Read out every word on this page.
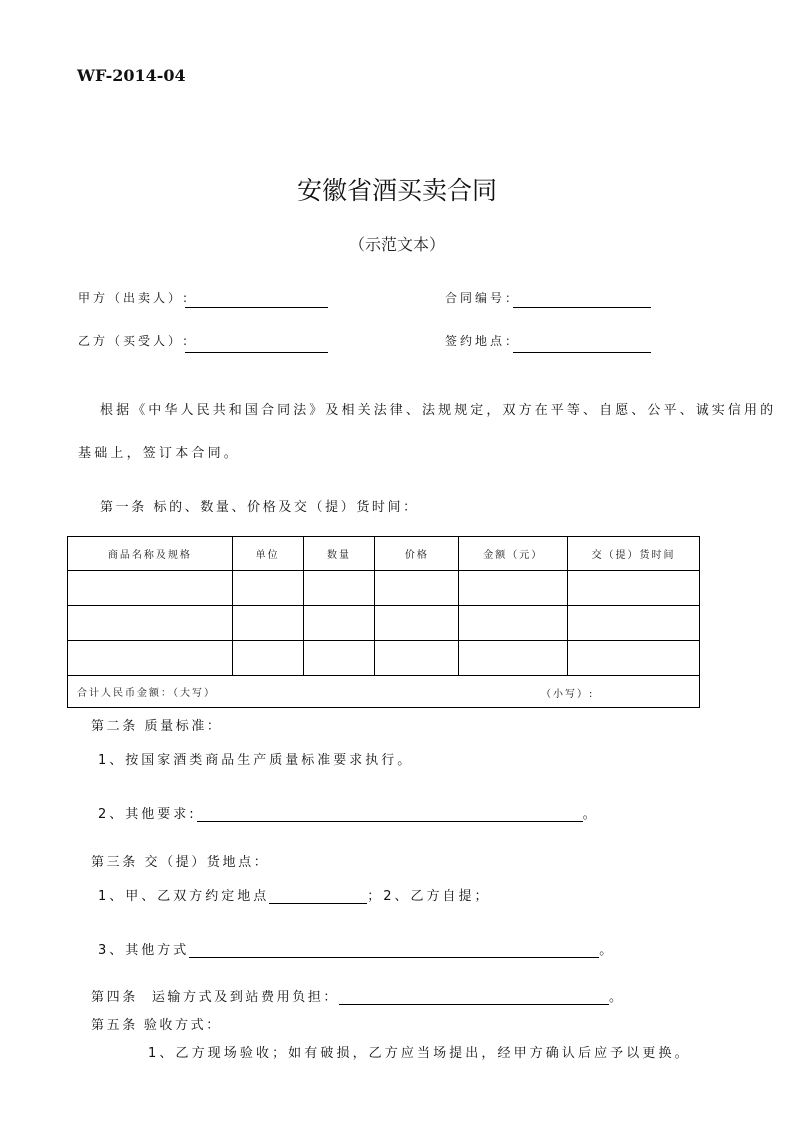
WF-2014-04
安徽省酒买卖合同
（示范文本）
甲方（出卖人）:
乙方（买受人）:
合同编号：
签约地点：
根据《中华人民共和国合同法》及相关法律、法规规定，双方在平等、自愿、公平、诚实信用的
基础上，签订本合同。
第一条 标的、数量、价格及交（提）货时间：
商品名称及规格	单位	数量	价格	金额（元）	交（提）货时间

合计人民币金额：（大写） （小写）:					
第二条 质量标准：
1、按国家酒类商品生产质量标准要求执行。
2、其他要求:	。
第三条 交（提）货地点：
1、甲、乙双方约定地点	；2、乙方自提；
3、其他方式	。
第四条 运输方式及到站费用负担：	。
第五条 验收方式：
1、乙方现场验收；如有破损，乙方应当场提出，经甲方确认后应予以更换。
